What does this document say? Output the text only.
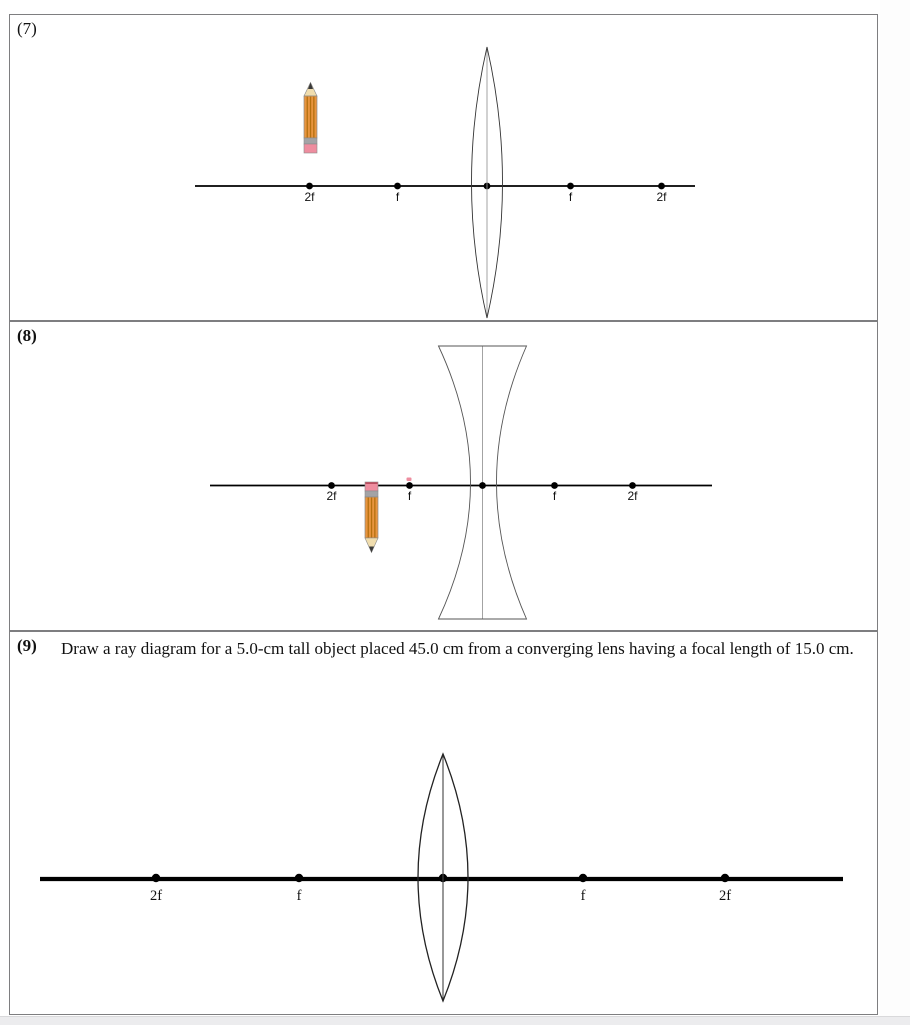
(7)
2f	f	f	2f
(8)
2f	f	f	2f
(9) Draw a ray diagram for a 5.0-cm tall object placed 45.0 cm from a converging lens having a focal length of 15.0 cm.
2f	f	f	2f
